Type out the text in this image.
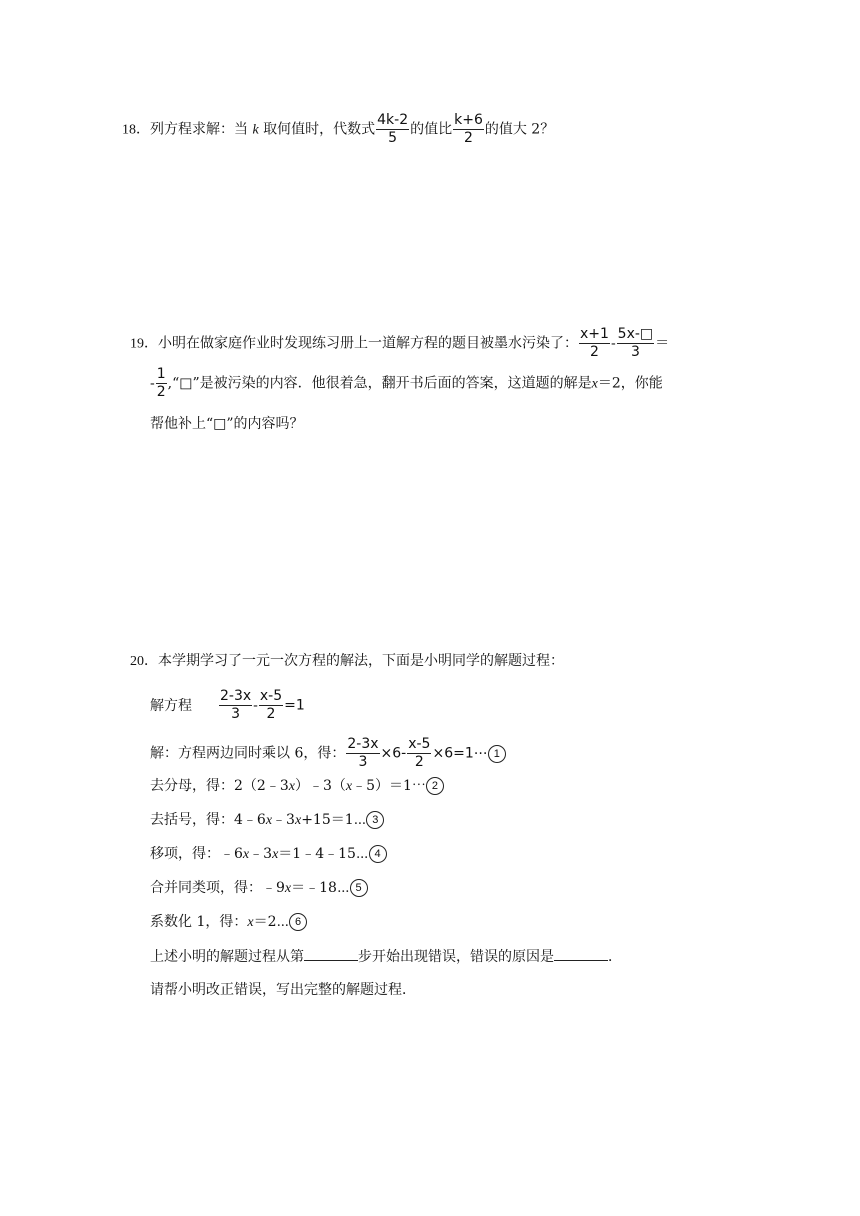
18．列方程求解：当 k 取何值时，代数式 $\frac{4k-2}{5}$ 的值比 $\frac{k+6}{2}$ 的值大 2？
19．小明在做家庭作业时发现练习册上一道解方程的题目被墨水污染了： $\frac{x+1}{2} - \frac{5x-□}{3}$ ＝
- $\frac{1}{2}$ ,“□”是被污染的内容．他很着急，翻开书后面的答案，这道题的解是x＝2，你能
帮他补上“□”的内容吗？
20．本学期学习了一元一次方程的解法，下面是小明同学的解题过程：
解方程 $\frac{2-3x}{3} - \frac{x-5}{2} =1$
解：方程两边同时乘以 6，得： $\frac{2-3x}{3} \times 6- \frac{x-5}{2}$ ×6=1⋯ 1
去分母，得：2（2﹣3x）﹣3（x﹣5）＝1⋯ 2
去括号，得：4﹣6x﹣3x+15＝1⋯ 3
移项，得：﹣6x﹣3x＝1﹣4﹣15⋯ 4
合并同类项，得：﹣9x＝﹣18⋯ 5
系数化 1，得：x＝2⋯ 6
上述小明的解题过程从第	步开始出现错误，错误的原因是	．
请帮小明改正错误，写出完整的解题过程．
